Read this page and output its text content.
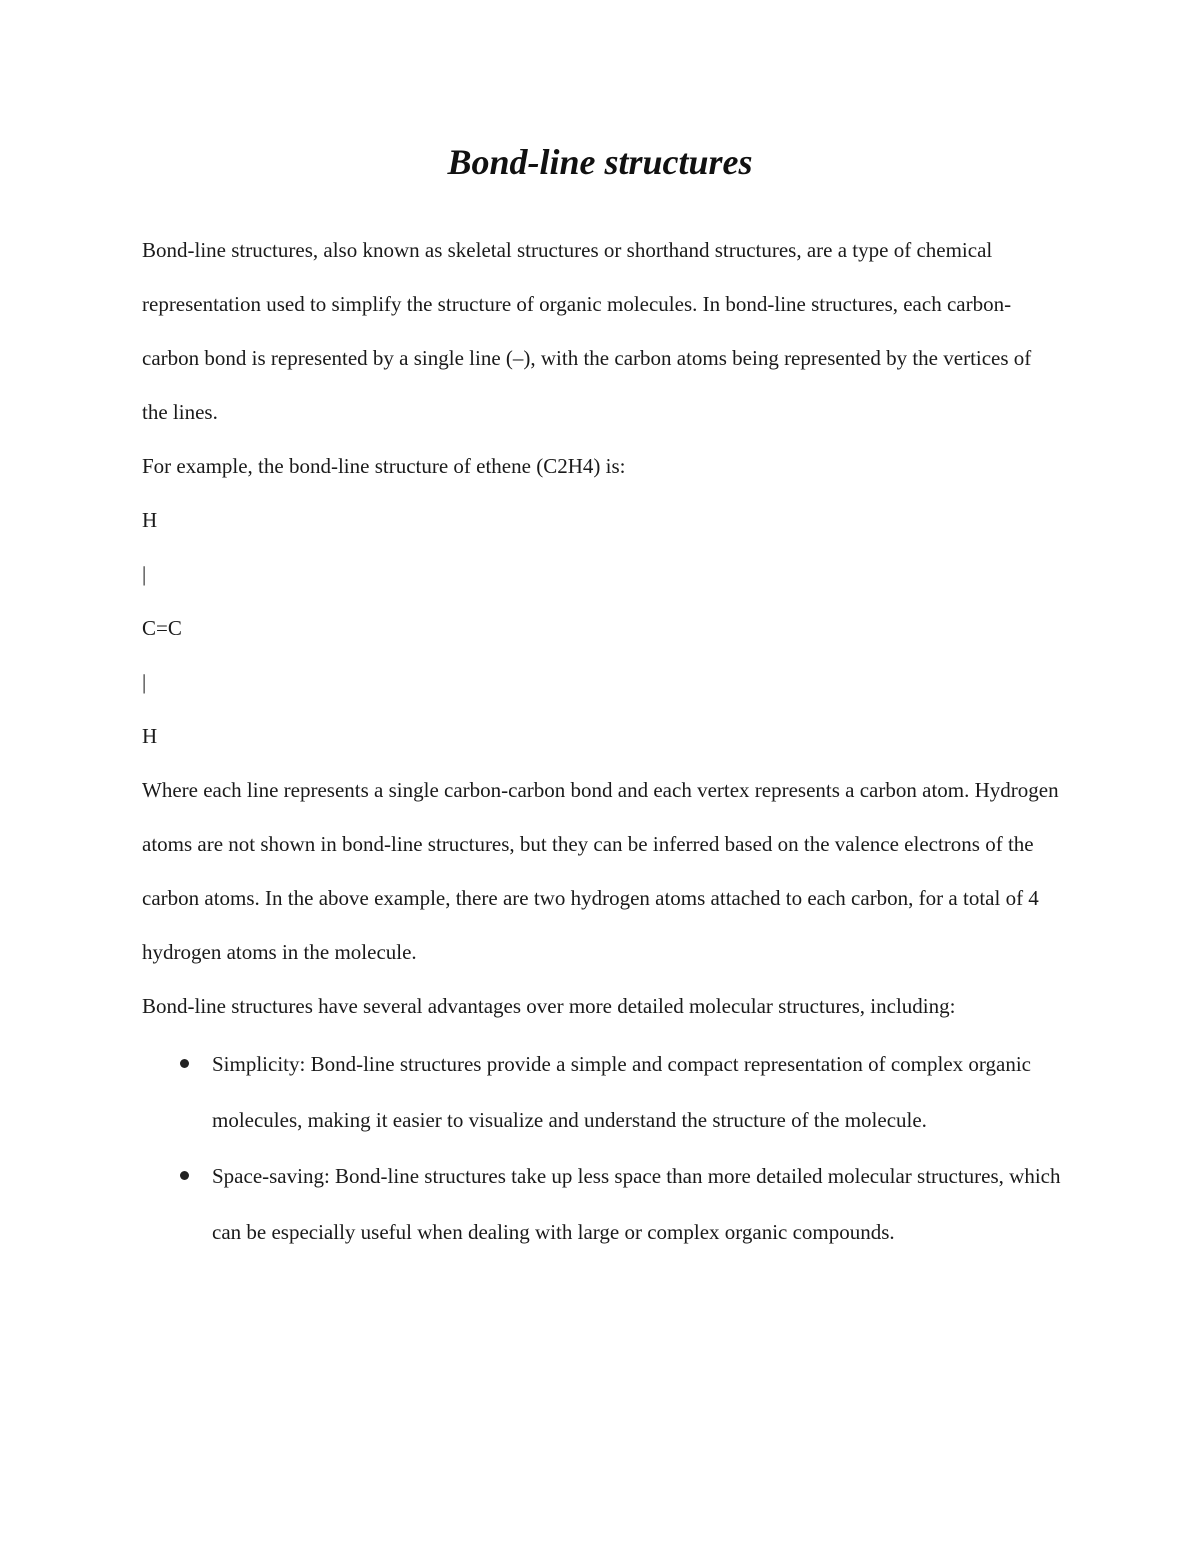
Bond-line structures

Bond-line structures, also known as skeletal structures or shorthand structures, are a type of chemical representation used to simplify the structure of organic molecules. In bond-line structures, each carbon-carbon bond is represented by a single line (–), with the carbon atoms being represented by the vertices of the lines.

For example, the bond-line structure of ethene (C2H4) is:

H

|

C=C

|

H

Where each line represents a single carbon-carbon bond and each vertex represents a carbon atom. Hydrogen atoms are not shown in bond-line structures, but they can be inferred based on the valence electrons of the carbon atoms. In the above example, there are two hydrogen atoms attached to each carbon, for a total of 4 hydrogen atoms in the molecule.

Bond-line structures have several advantages over more detailed molecular structures, including:

Simplicity: Bond-line structures provide a simple and compact representation of complex organic molecules, making it easier to visualize and understand the structure of the molecule.
Space-saving: Bond-line structures take up less space than more detailed molecular structures, which can be especially useful when dealing with large or complex organic compounds.
